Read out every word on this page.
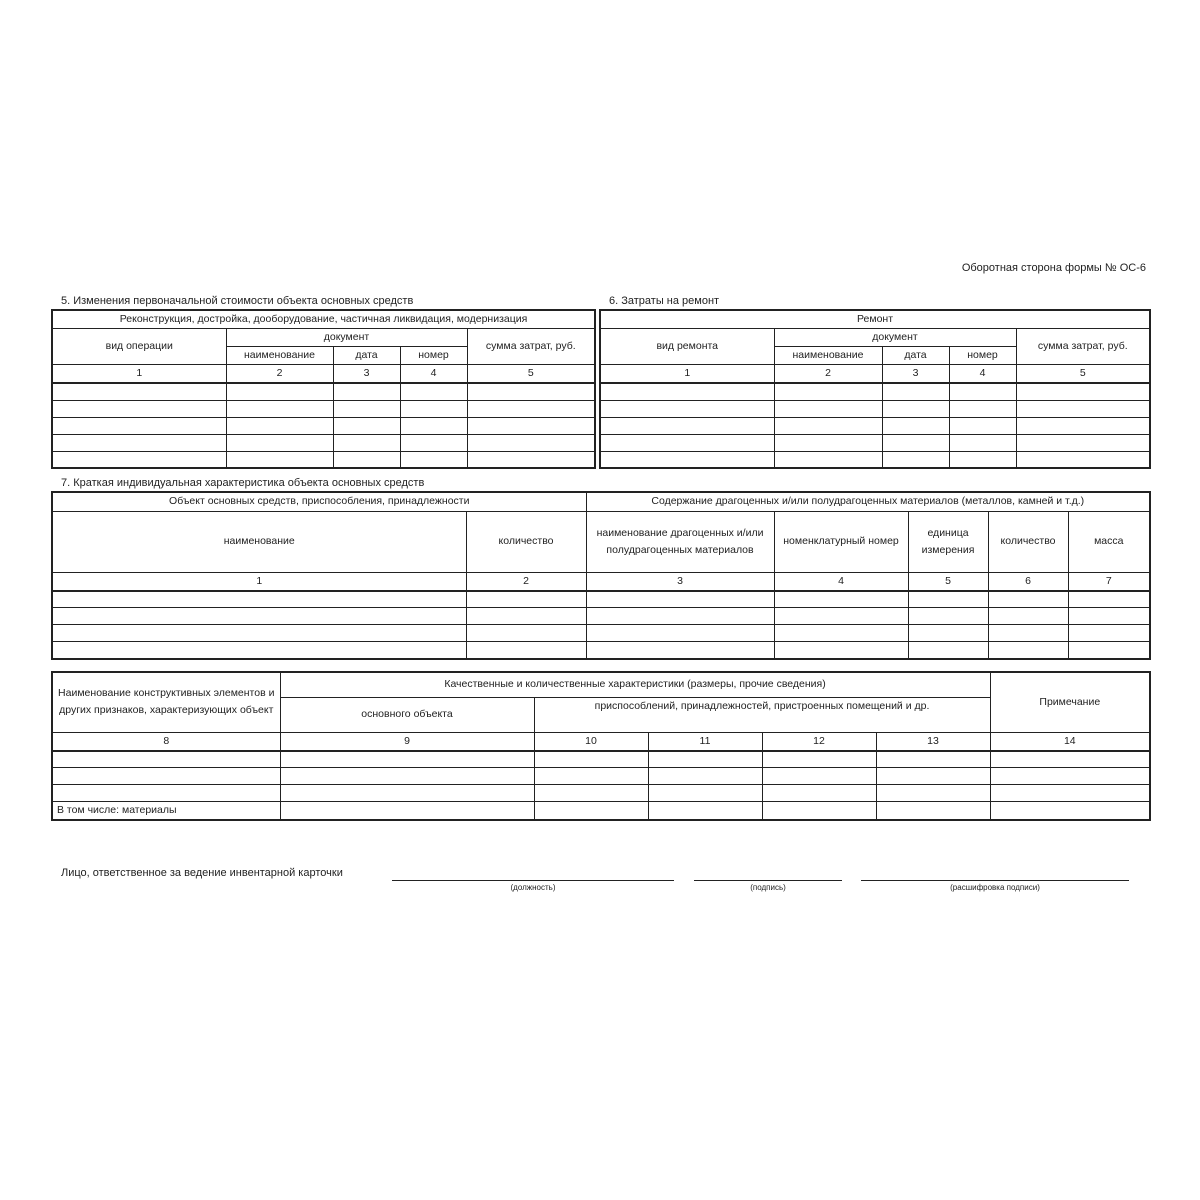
Оборотная сторона формы № ОС-6
5. Изменения первоначальной стоимости объекта основных средств
Реконструкция, достройка, дооборудование, частичная ликвидация, модернизация				
вид операции	документ			сумма затрат, руб.
	наименование	дата	номер	
1	2	3	4	5

6. Затраты на ремонт
Ремонт				
вид ремонта	документ			сумма затрат, руб.
	наименование	дата	номер	
1	2	3	4	5

7. Краткая индивидуальная характеристика объекта основных средств
Объект основных средств, приспособления, принадлежности		Содержание драгоценных и/или полудрагоценных материалов (металлов, камней и т.д.)				
наименование	количество	наименование драгоценных и/или полудрагоценных материалов	номенклатурный номер	единица измерения	количество	масса
1	2	3	4	5	6	7

Наименование конструктивных элементов и других признаков, характеризующих объект	Качественные и количественные характеристики (размеры, прочие сведения)					Примечание
	основного объекта	приспособлений, принадлежностей, пристроенных помещений и др.				
8	9	10	11	12	13	14

В том числе: материалы						
Лицо, ответственное за ведение инвентарной карточки
(должность)	(подпись)	(расшифровка подписи)
